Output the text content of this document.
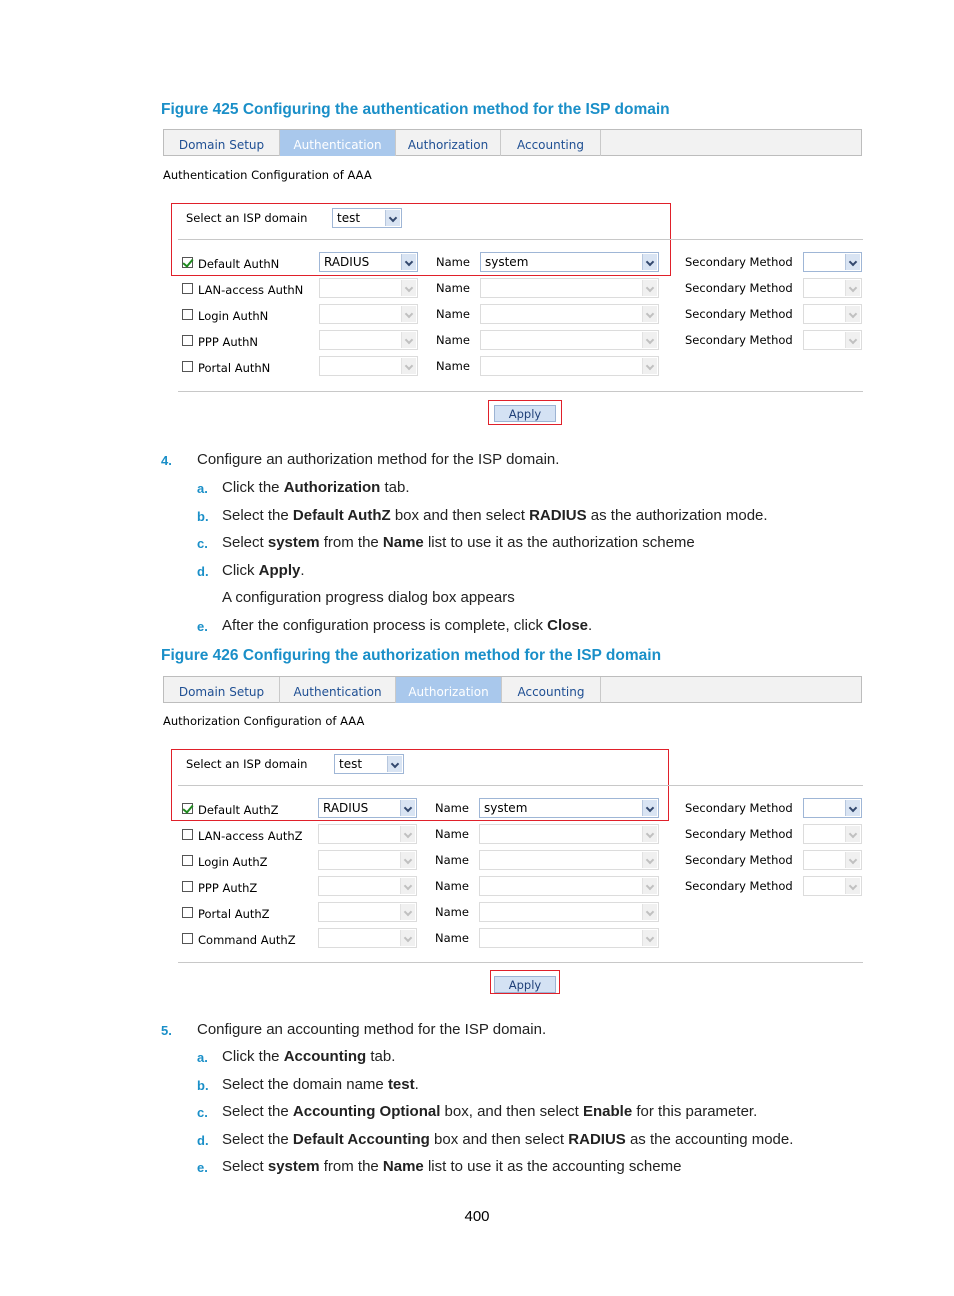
Figure 425 Configuring the authentication method for the ISP domain
Domain Setup	Authentication	Authorization	Accounting
Authentication Configuration of AAA
Select an ISP domain test
Default AuthN	RADIUS	Name system	Secondary Method
LAN-access AuthN	Name	Secondary Method
Login AuthN	Name	Secondary Method
PPP AuthN	Name	Secondary Method
Portal AuthN	Name
Apply
4. Configure an authorization method for the ISP domain.
a. Click the Authorization tab.
b. Select the Default AuthZ box and then select RADIUS as the authorization mode.
c. Select system from the Name list to use it as the authorization scheme
d. Click Apply.
A configuration progress dialog box appears
e. After the configuration process is complete, click Close.
Figure 426 Configuring the authorization method for the ISP domain
Domain Setup	Authentication	Authorization	Accounting
Authorization Configuration of AAA
Select an ISP domain	test
Default AuthZ	RADIUS	Name system	Secondary Method
LAN-access AuthZ	Name	Secondary Method
Login AuthZ	Name	Secondary Method
PPP AuthZ	Name	Secondary Method
Portal AuthZ	Name
Command AuthZ	Name
Apply
5. Configure an accounting method for the ISP domain.
a. Click the Accounting tab.
b. Select the domain name test.
c. Select the Accounting Optional box, and then select Enable for this parameter.
d. Select the Default Accounting box and then select RADIUS as the accounting mode.
e. Select system from the Name list to use it as the accounting scheme
400
